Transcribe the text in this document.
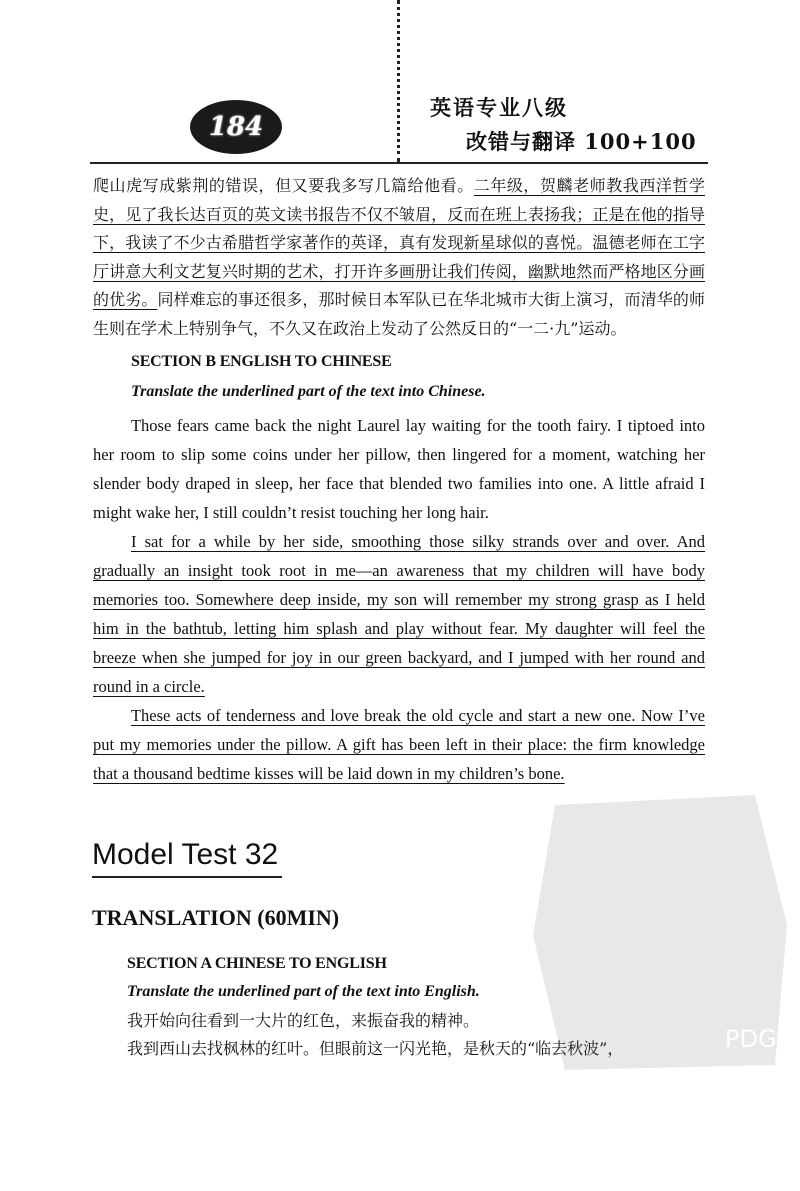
184
英语专业八级
改错与翻译 100+100

爬山虎写成紫荆的错误，但又要我多写几篇给他看。二年级，贺麟老师教我西洋哲学史，见了我长达百页的英文读书报告不仅不皱眉，反而在班上表扬我；正是在他的指导下，我读了不少古希腊哲学家著作的英译，真有发现新星球似的喜悦。温德老师在工字厅讲意大利文艺复兴时期的艺术，打开许多画册让我们传阅，幽默地然而严格地区分画的优劣。同样难忘的事还很多，那时候日本军队已在华北城市大街上演习，而清华的师生则在学术上特别争气，不久又在政治上发动了公然反日的“一二·九”运动。

SECTION B ENGLISH TO CHINESE
Translate the underlined part of the text into Chinese.

Those fears came back the night Laurel lay waiting for the tooth fairy. I tiptoed into her room to slip some coins under her pillow, then lingered for a moment, watching her slender body draped in sleep, her face that blended two families into one. A little afraid I might wake her, I still couldn’t resist touching her long hair.

I sat for a while by her side, smoothing those silky strands over and over. And gradually an insight took root in me—an awareness that my children will have body memories too. Somewhere deep inside, my son will remember my strong grasp as I held him in the bathtub, letting him splash and play without fear. My daughter will feel the breeze when she jumped for joy in our green backyard, and I jumped with her round and round in a circle.

These acts of tenderness and love break the old cycle and start a new one. Now I’ve put my memories under the pillow. A gift has been left in their place: the firm knowledge that a thousand bedtime kisses will be laid down in my children’s bone.

Model Test 32
TRANSLATION (60MIN)
SECTION A CHINESE TO ENGLISH
Translate the underlined part of the text into English.

我开始向往看到一大片的红色，来振奋我的精神。

我到西山去找枫林的红叶。但眼前这一闪光艳，是秋天的“临去秋波”，	PDG
